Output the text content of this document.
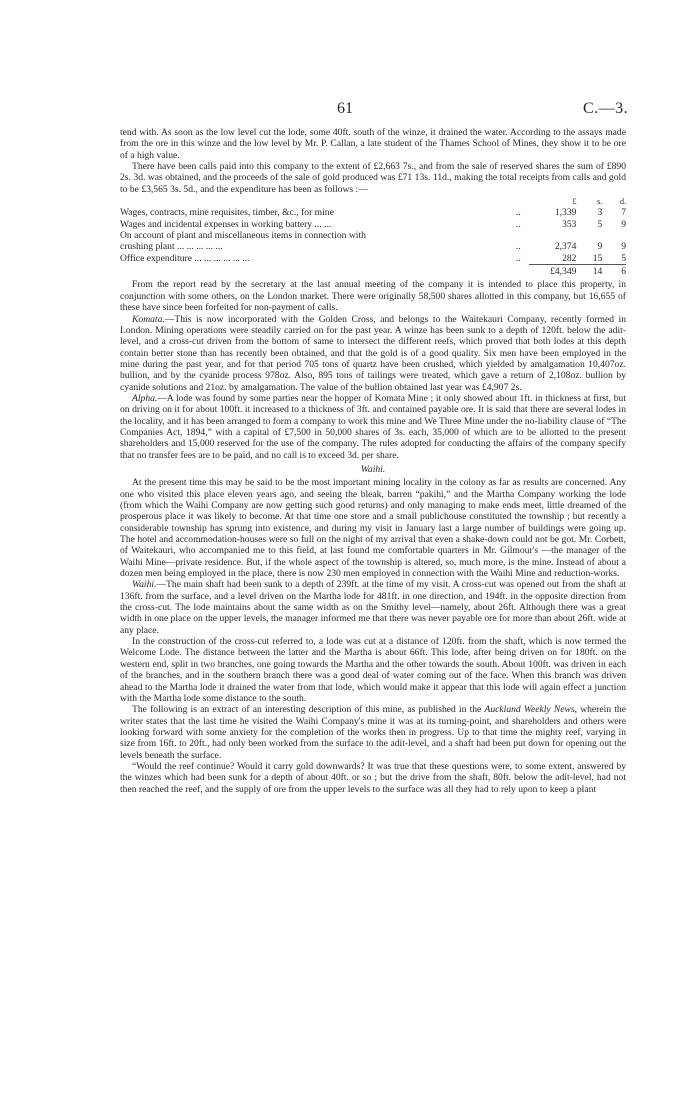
61	C.—3.

tend with. As soon as the low level cut the lode, some 40ft. south of the winze, it drained the water. According to the assays made from the ore in this winze and the low level by Mr. P. Callan, a late student of the Thames School of Mines, they show it to be ore of a high value.

There have been calls paid into this company to the extent of £2,663 7s., and from the sale of reserved shares the sum of £890 2s. 3d. was obtained, and the proceeds of the sale of gold produced was £71 13s. 11d., making the total receipts from calls and gold to be £3,565 3s. 5d., and the expenditure has been as follows :—

		£	s.	d.
Wages, contracts, mine requisites, timber, &c., for mine	..	1,339	3	7
Wages and incidental expenses in working battery ... ...	..	353	5	9
On account of plant and miscellaneous items in connection with				
crushing plant ... ... ... ... ...	..	2,374	9	9
Office expenditure ... ... ... ... ... ...	..	282	15	5
		£4,349	14	6

From the report read by the secretary at the last annual meeting of the company it is intended to place this property, in conjunction with some others, on the London market. There were originally 58,500 shares allotted in this company, but 16,655 of these have since been forfeited for non-payment of calls.

Komata.—This is now incorporated with the Golden Cross, and belongs to the Waitekauri Company, recently formed in London. Mining operations were steadily carried on for the past year. A winze has been sunk to a depth of 120ft. below the adit-level, and a cross-cut driven from the bottom of same to intersect the different reefs, which proved that both lodes at this depth contain better stone than has recently been obtained, and that the gold is of a good quality. Six men have been employed in the mine during the past year, and for that period 705 tons of quartz have been crushed, which yielded by amalgamation 10,407oz. bullion, and by the cyanide process 978oz. Also, 895 tons of tailings were treated, which gave a return of 2,108oz. bullion by cyanide solutions and 21oz. by amalgamation. The value of the bullion obtained last year was £4,907 2s.

Alpha.—A lode was found by some parties near the hopper of Komata Mine ; it only showed about 1ft. in thickness at first, but on driving on it for about 100ft. it increased to a thickness of 3ft. and contained payable ore. It is said that there are several lodes in the locality, and it has been arranged to form a company to work this mine and We Three Mine under the no-liability clause of “The Companies Act, 1894,” with a capital of £7,500 in 50,000 shares of 3s. each, 35,000 of which are to be allotted to the present shareholders and 15,000 reserved for the use of the company. The rules adopted for conducting the affairs of the company specify that no transfer fees are to be paid, and no call is to exceed 3d. per share.

Waihi.

At the present time this may be said to be the most important mining locality in the colony as far as results are concerned. Any one who visited this place eleven years ago, and seeing the bleak, barren “pakihi,” and the Martha Company working the lode (from which the Waihi Company are now getting such good returns) and only managing to make ends meet, little dreamed of the prosperous place it was likely to become. At that time one store and a small publichouse constituted the township ; but recently a considerable township has sprung into existence, and during my visit in January last a large number of buildings were going up. The hotel and accommodation-houses were so full on the night of my arrival that even a shake-down could not be got. Mr. Corbett, of Waitekauri, who accompanied me to this field, at last found me comfortable quarters in Mr. Gilmour's —the manager of the Waihi Mine—private residence. But, if the whole aspect of the township is altered, so, much more, is the mine. Instead of about a dozen men being employed in the place, there is now 230 men employed in connection with the Waihi Mine and reduction-works.

Waihi.—The main shaft had been sunk to a depth of 239ft. at the time of my visit. A cross-cut was opened out from the shaft at 136ft. from the surface, and a level driven on the Martha lode for 481ft. in one direction, and 194ft. in the opposite direction from the cross-cut. The lode maintains about the same width as on the Smithy level—namely, about 26ft. Although there was a great width in one place on the upper levels, the manager informed me that there was never payable ore for more than about 26ft. wide at any place.

In the construction of the cross-cut referred to, a lode was cut at a distance of 120ft. from the shaft, which is now termed the Welcome Lode. The distance between the latter and the Martha is about 66ft. This lode, after being driven on for 180ft. on the western end, split in two branches, one going towards the Martha and the other towards the south. About 100ft. was driven in each of the branches, and in the southern branch there was a good deal of water coming out of the face. When this branch was driven ahead to the Martha lode it drained the water from that lode, which would make it appear that this lode will again effect a junction with the Martha lode some distance to the south.

The following is an extract of an interesting description of this mine, as published in the Auckland Weekly News, wherein the writer states that the last time he visited the Waihi Company's mine it was at its turning-point, and shareholders and others were looking forward with some anxiety for the completion of the works then in progress. Up to that time the mighty reef, varying in size from 16ft. to 20ft., had only been worked from the surface to the adit-level, and a shaft had been put down for opening out the levels beneath the surface.

“Would the reef continue? Would it carry gold downwards? It was true that these questions were, to some extent, answered by the winzes which had been sunk for a depth of about 40ft. or so ; but the drive from the shaft, 80ft. below the adit-level, had not then reached the reef, and the supply of ore from the upper levels to the surface was all they had to rely upon to keep a plant
